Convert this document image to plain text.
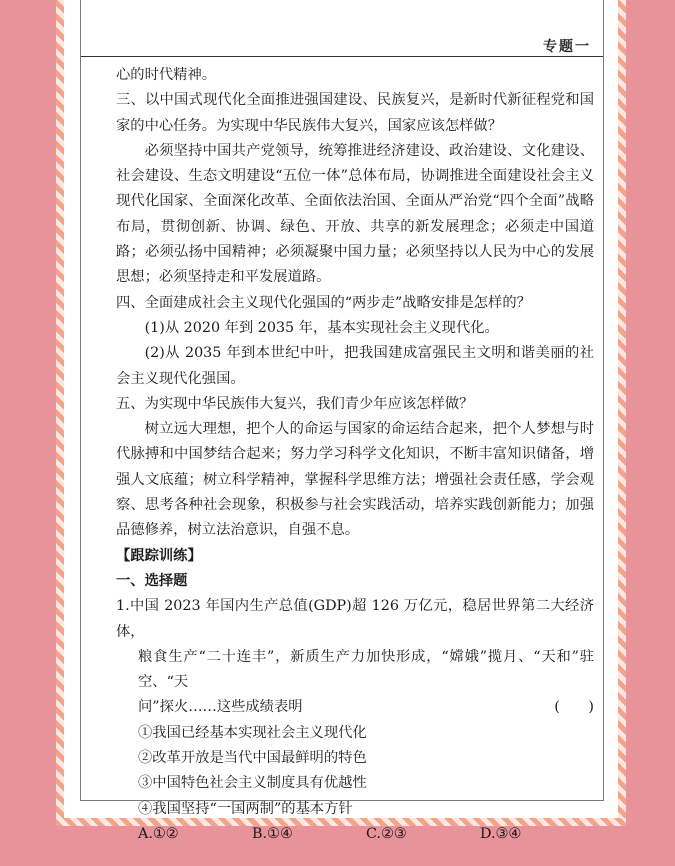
专题一

心的时代精神。

三、以中国式现代化全面推进强国建设、民族复兴，是新时代新征程党和国家的中心任务。为实现中华民族伟大复兴，国家应该怎样做？

必须坚持中国共产党领导，统筹推进经济建设、政治建设、文化建设、社会建设、生态文明建设“五位一体”总体布局，协调推进全面建设社会主义现代化国家、全面深化改革、全面依法治国、全面从严治党“四个全面”战略布局，贯彻创新、协调、绿色、开放、共享的新发展理念；必须走中国道路；必须弘扬中国精神；必须凝聚中国力量；必须坚持以人民为中心的发展思想；必须坚持走和平发展道路。

四、全面建成社会主义现代化强国的“两步走”战略安排是怎样的？

(1)从 2020 年到 2035 年，基本实现社会主义现代化。

(2)从 2035 年到本世纪中叶，把我国建成富强民主文明和谐美丽的社会主义现代化强国。

五、为实现中华民族伟大复兴，我们青少年应该怎样做？

树立远大理想，把个人的命运与国家的命运结合起来，把个人梦想与时代脉搏和中国梦结合起来；努力学习科学文化知识，不断丰富知识储备，增强人文底蕴；树立科学精神，掌握科学思维方法；增强社会责任感，学会观察、思考各种社会现象，积极参与社会实践活动，培养实践创新能力；加强品德修养，树立法治意识，自强不息。

【跟踪训练】

一、选择题

1.中国 2023 年国内生产总值(GDP)超 126 万亿元，稳居世界第二大经济体，

粮食生产“二十连丰”，新质生产力加快形成，“嫦娥”揽月、“天和”驻空、“天

问”探火……这些成绩表明	(　　)

①我国已经基本实现社会主义现代化

②改革开放是当代中国最鲜明的特色

③中国特色社会主义制度具有优越性

④我国坚持“一国两制”的基本方针

A.①②	B.①④	C.②③	D.③④
